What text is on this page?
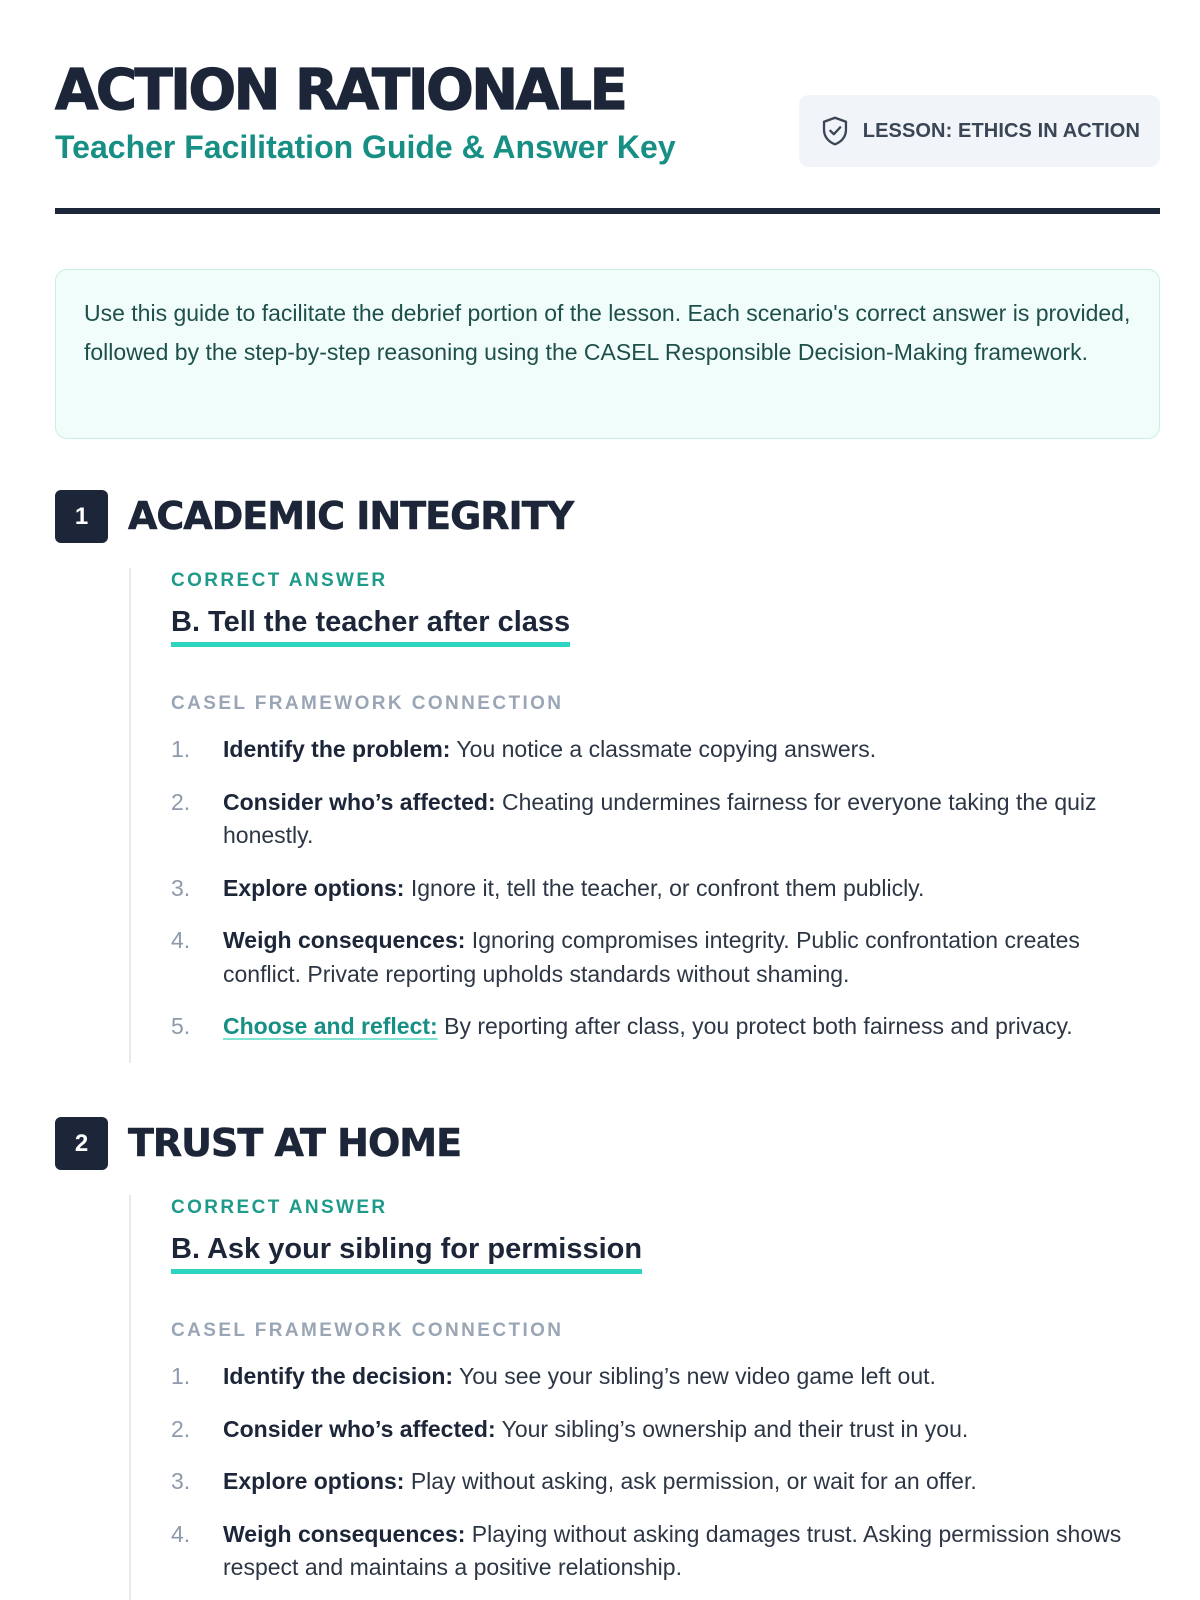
ACTION RATIONALE
Teacher Facilitation Guide & Answer Key	LESSON: ETHICS IN ACTION

Use this guide to facilitate the debrief portion of the lesson. Each scenario's correct answer is provided, followed by the step-by-step reasoning using the CASEL Responsible Decision-Making framework.

1	ACADEMIC INTEGRITY
CORRECT ANSWER
B. Tell the teacher after class
CASEL FRAMEWORK CONNECTION
1. Identify the problem: You notice a classmate copying answers.
2. Consider who’s affected: Cheating undermines fairness for everyone taking the quiz honestly.
3. Explore options: Ignore it, tell the teacher, or confront them publicly.
4. Weigh consequences: Ignoring compromises integrity. Public confrontation creates conflict. Private reporting upholds standards without shaming.
5. Choose and reflect: By reporting after class, you protect both fairness and privacy.
2	TRUST AT HOME
CORRECT ANSWER
B. Ask your sibling for permission
CASEL FRAMEWORK CONNECTION
1. Identify the decision: You see your sibling’s new video game left out.
2. Consider who’s affected: Your sibling’s ownership and their trust in you.
3. Explore options: Play without asking, ask permission, or wait for an offer.
4. Weigh consequences: Playing without asking damages trust. Asking permission shows respect and maintains a positive relationship.
